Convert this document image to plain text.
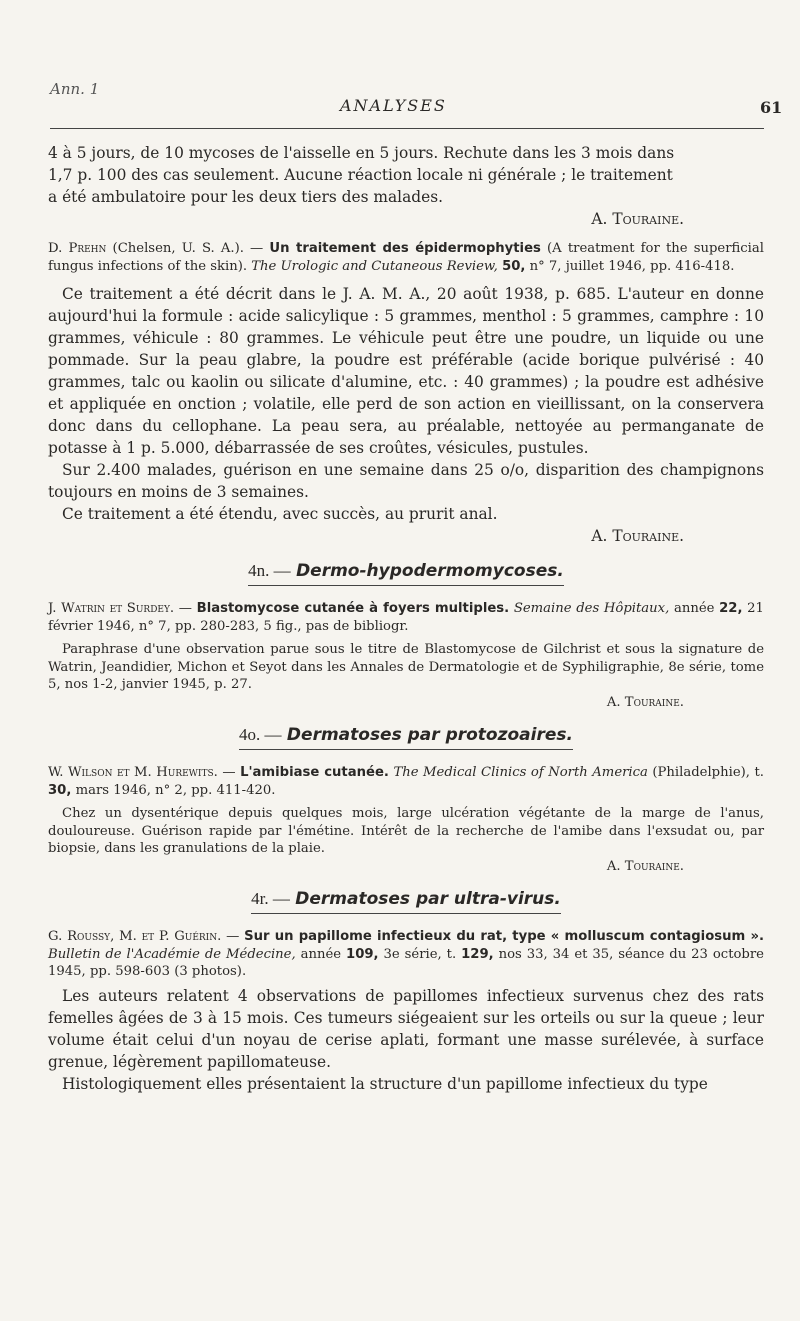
Ann. 1
ANALYSES	61

4 à 5 jours, de 10 mycoses de l'aisselle en 5 jours. Rechute dans les 3 mois dans

1,7 p. 100 des cas seulement. Aucune réaction locale ni générale ; le traitement

a été ambulatoire pour les deux tiers des malades.

A. Touraine.

D. Prehn (Chelsen, U. S. A.). — Un traitement des épidermophyties (A treatment for the superficial fungus infections of the skin). The Urologic and Cutaneous Review, 50, n° 7, juillet 1946, pp. 416-418.

Ce traitement a été décrit dans le J. A. M. A., 20 août 1938, p. 685. L'auteur en donne aujourd'hui la formule : acide salicylique : 5 grammes, menthol : 5 grammes, camphre : 10 grammes, véhicule : 80 grammes. Le véhicule peut être une poudre, un liquide ou une pommade. Sur la peau glabre, la poudre est préférable (acide borique pulvérisé : 40 grammes, talc ou kaolin ou silicate d'alumine, etc. : 40 grammes) ; la poudre est adhésive et appliquée en onction ; volatile, elle perd de son action en vieillissant, on la conservera donc dans du cellophane. La peau sera, au préalable, nettoyée au permanganate de potasse à 1 p. 5.000, débarrassée de ses croûtes, vésicules, pustules.

Sur 2.400 malades, guérison en une semaine dans 25 o/o, disparition des champignons toujours en moins de 3 semaines.

Ce traitement a été étendu, avec succès, au prurit anal.

A. Touraine.

4n. — Dermo-hypodermomycoses.

J. Watrin et Surdey. — Blastomycose cutanée à foyers multiples. Semaine des Hôpitaux, année 22, 21 février 1946, n° 7, pp. 280-283, 5 fig., pas de bibliogr.

Paraphrase d'une observation parue sous le titre de Blastomycose de Gilchrist et sous la signature de Watrin, Jeandidier, Michon et Seyot dans les Annales de Dermatologie et de Syphiligraphie, 8e série, tome 5, nos 1-2, janvier 1945, p. 27.

A. Touraine.

4o. — Dermatoses par protozoaires.

W. Wilson et M. Hurewits. — L'amibiase cutanée. The Medical Clinics of North America (Philadelphie), t. 30, mars 1946, n° 2, pp. 411-420.

Chez un dysentérique depuis quelques mois, large ulcération végétante de la marge de l'anus, douloureuse. Guérison rapide par l'émétine. Intérêt de la recherche de l'amibe dans l'exsudat ou, par biopsie, dans les granulations de la plaie.

A. Touraine.

4r. — Dermatoses par ultra-virus.

G. Roussy, M. et P. Guérin. — Sur un papillome infectieux du rat, type « molluscum contagiosum ». Bulletin de l'Académie de Médecine, année 109, 3e série, t. 129, nos 33, 34 et 35, séance du 23 octobre 1945, pp. 598-603 (3 photos).

Les auteurs relatent 4 observations de papillomes infectieux survenus chez des rats femelles âgées de 3 à 15 mois. Ces tumeurs siégeaient sur les orteils ou sur la queue ; leur volume était celui d'un noyau de cerise aplati, formant une masse surélevée, à surface grenue, légèrement papillomateuse.

Histologiquement elles présentaient la structure d'un papillome infectieux du type
